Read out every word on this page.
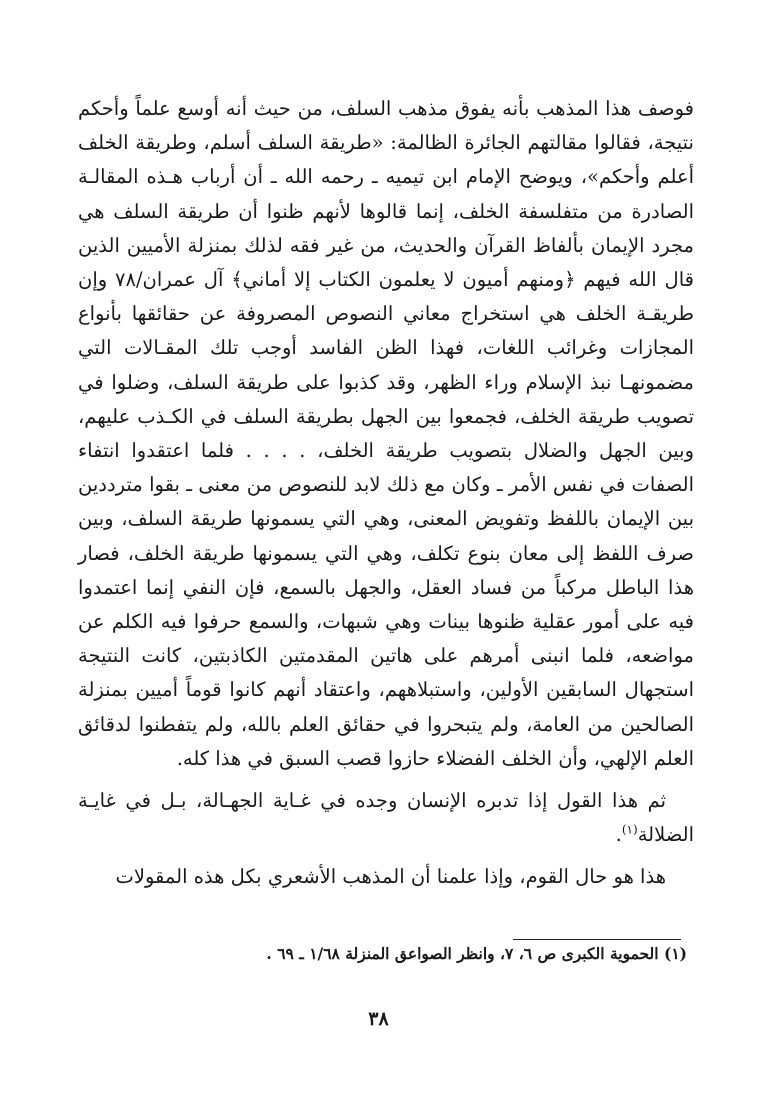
فوصف هذا المذهب بأنه يفوق مذهب السلف، من حيث أنه أوسع علماً وأحكم نتيجة، فقالوا مقالتهم الجائرة الظالمة: «طريقة السلف أسلم، وطريقة الخلف أعلم وأحكم»، ويوضح الإمام ابن تيميه ـ رحمه الله ـ أن أرباب هـذه المقالـة الصادرة من متفلسفة الخلف، إنما قالوها لأنهم ظنوا أن طريقة السلف هي مجرد الإيمان بألفاظ القرآن والحديث، من غير فقه لذلك بمنزلة الأميين الذين قال الله فيهم ﴿ومنهم أميون لا يعلمون الكتاب إلا أماني﴾ آل عمران/٧٨ وإن طريقـة الخلف هي استخراج معاني النصوص المصروفة عن حقائقها بأنواع المجازات وغرائب اللغات، فهذا الظن الفاسد أوجب تلك المقـالات التي مضمونهـا نبذ الإسلام وراء الظهر، وقد كذبوا على طريقة السلف، وضلوا في تصويب طريقة الخلف، فجمعوا بين الجهل بطريقة السلف في الكـذب عليهم، وبين الجهل والضلال بتصويب طريقة الخلف، . . . . فلما اعتقدوا انتفاء الصفات في نفس الأمر ـ وكان مع ذلك لابد للنصوص من معنى ـ بقوا مترددين بين الإيمان باللفظ وتفويض المعنى، وهي التي يسمونها طريقة السلف، وبين صرف اللفظ إلى معان بنوع تكلف، وهي التي يسمونها طريقة الخلف، فصار هذا الباطل مركباً من فساد العقل، والجهل بالسمع، فإن النفي إنما اعتمدوا فيه على أمور عقلية ظنوها بينات وهي شبهات، والسمع حرفوا فيه الكلم عن مواضعه، فلما انبنى أمرهم على هاتين المقدمتين الكاذبتين، كانت النتيجة استجهال السابقين الأولين، واستبلاههم، واعتقاد أنهم كانوا قوماً أميين بمنزلة الصالحين من العامة، ولم يتبحروا في حقائق العلم بالله، ولم يتفطنوا لدقائق العلم الإلهي، وأن الخلف الفضلاء حازوا قصب السبق في هذا كله.

ثم هذا القول إذا تدبره الإنسان وجده في غـاية الجهـالة، بـل في غايـة الضلالة$^{(١)}$.

هذا هو حال القوم، وإذا علمنا أن المذهب الأشعري بكل هذه المقولات

(١) الحموية الكبرى ص ٦، ٧، وانظر الصواعق المنزلة ١/٦٨ ـ ٦٩ .
٣٨
